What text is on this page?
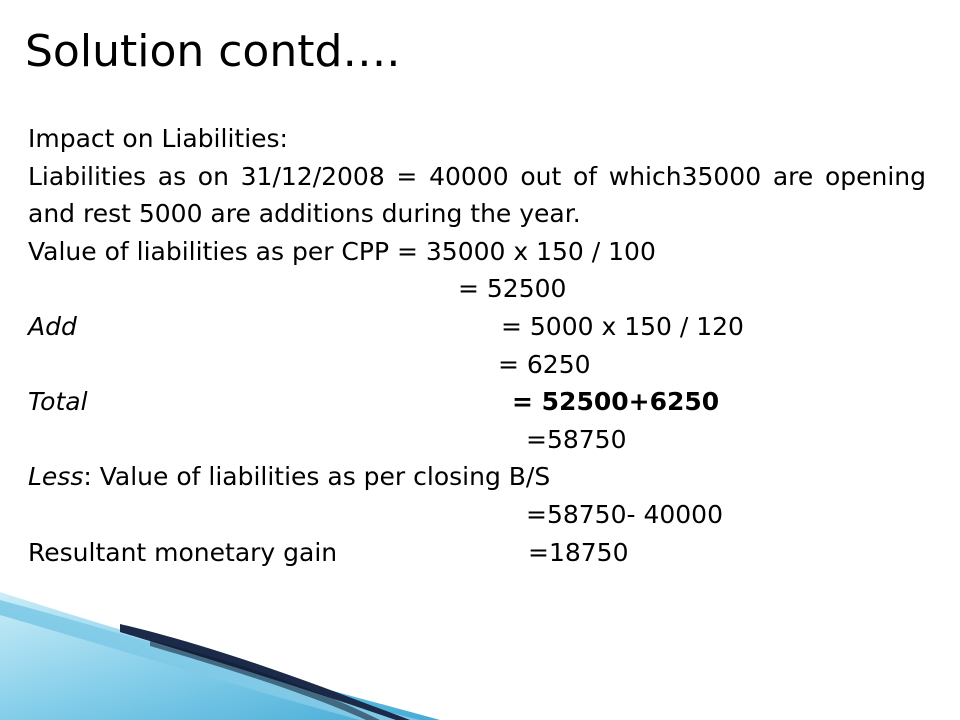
Solution contd….
Impact on Liabilities:
Liabilities as on 31/12/2008 = 40000 out of which35000 are opening and rest 5000 are additions during the year.
Value of liabilities as per CPP = 35000 x 150 / 100
= 52500
Add	= 5000 x 150 / 120
= 6250
Total	= 52500+6250
=58750
Less: Value of liabilities as per closing B/S
=58750- 40000
Resultant monetary gain	=18750
